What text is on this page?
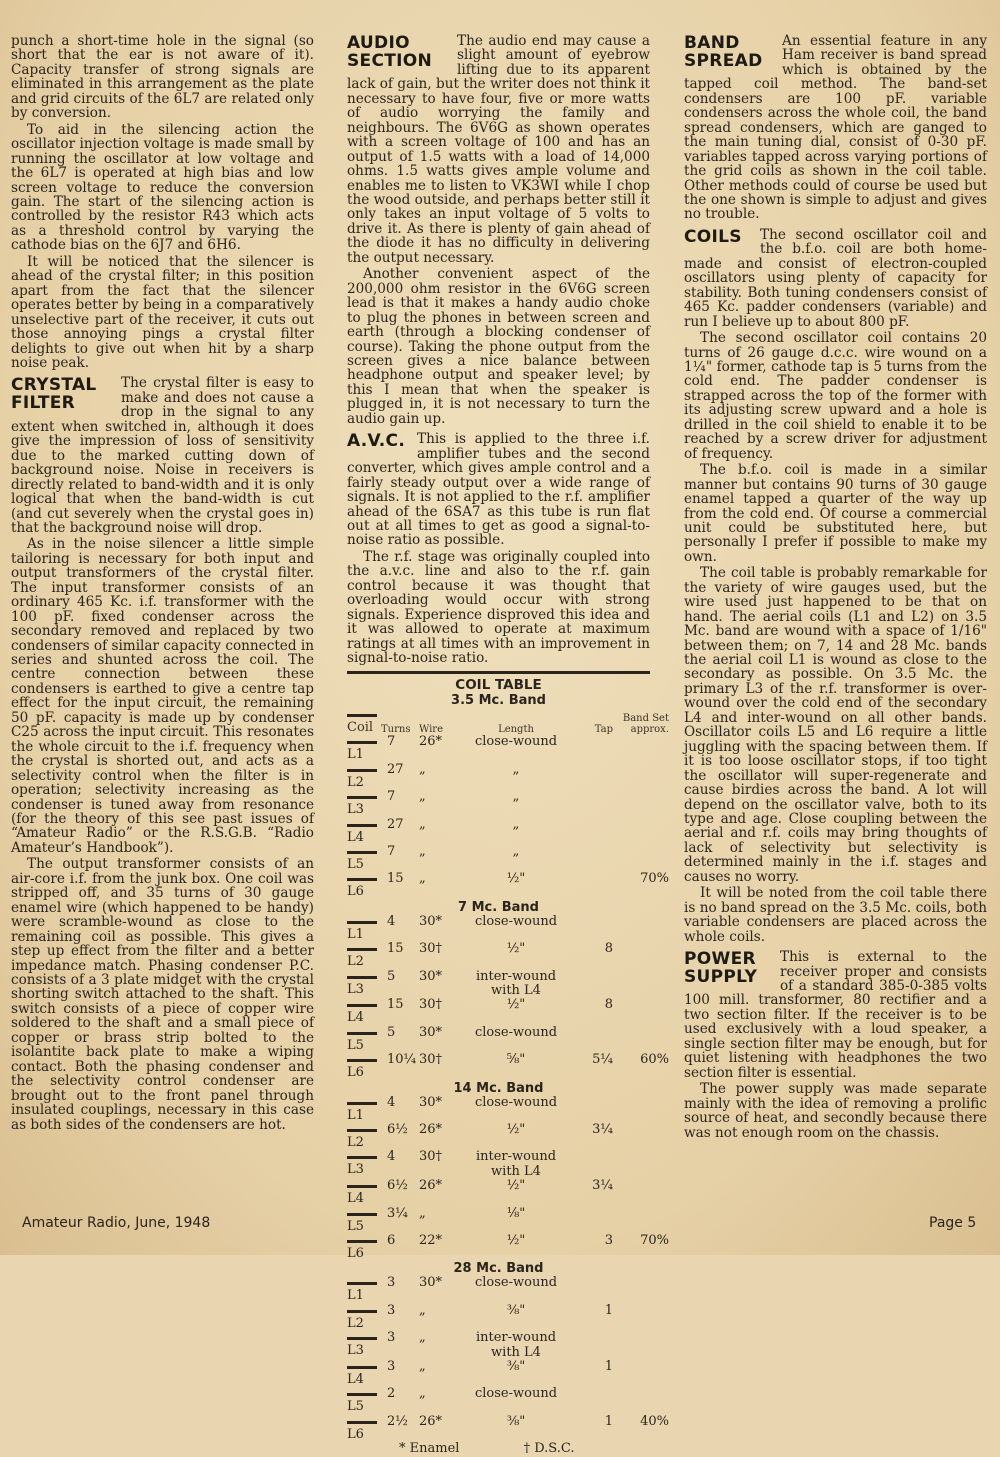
punch a short-time hole in the signal (so short that the ear is not aware of it). Capacity transfer of strong signals are eliminated in this arrangement as the plate and grid circuits of the 6L7 are related only by conversion.

To aid in the silencing action the oscillator injection voltage is made small by running the oscillator at low voltage and the 6L7 is operated at high bias and low screen voltage to reduce the conversion gain. The start of the silencing action is controlled by the resistor R43 which acts as a threshold control by varying the cathode bias on the 6J7 and 6H6.

It will be noticed that the silencer is ahead of the crystal filter; in this position apart from the fact that the silencer operates better by being in a comparatively unselective part of the receiver, it cuts out those annoying pings a crystal filter delights to give out when hit by a sharp noise peak.

CRYSTAL FILTER

The crystal filter is easy to make and does not cause a drop in the signal to any extent when switched in, although it does give the impression of loss of sensitivity due to the marked cutting down of background noise. Noise in receivers is directly related to band-width and it is only logical that when the band-width is cut (and cut severely when the crystal goes in) that the background noise will drop.

As in the noise silencer a little simple tailoring is necessary for both input and output transformers of the crystal filter. The input transformer consists of an ordinary 465 Kc. i.f. transformer with the 100 pF. fixed condenser across the secondary removed and replaced by two condensers of similar capacity connected in series and shunted across the coil. The centre connection between these condensers is earthed to give a centre tap effect for the input circuit, the remaining 50 pF. capacity is made up by condenser C25 across the input circuit. This resonates the whole circuit to the i.f. frequency when the crystal is shorted out, and acts as a selectivity control when the filter is in operation; selectivity increasing as the condenser is tuned away from resonance (for the theory of this see past issues of “Amateur Radio” or the R.S.G.B. “Radio Amateur’s Handbook”).

The output transformer consists of an air-core i.f. from the junk box. One coil was stripped off, and 35 turns of 30 gauge enamel wire (which happened to be handy) were scramble-wound as close to the remaining coil as possible. This gives a step up effect from the filter and a better impedance match. Phasing condenser P.C. consists of a 3 plate midget with the crystal shorting switch attached to the shaft. This switch consists of a piece of copper wire soldered to the shaft and a small piece of copper or brass strip bolted to the isolantite back plate to make a wiping contact. Both the phasing condenser and the selectivity control condenser are brought out to the front panel through insulated couplings, necessary in this case as both sides of the condensers are hot.

AUDIO SECTION

The audio end may cause a slight amount of eyebrow lifting due to its apparent lack of gain, but the writer does not think it necessary to have four, five or more watts of audio worrying the family and neighbours. The 6V6G as shown operates with a screen voltage of 100 and has an output of 1.5 watts with a load of 14,000 ohms. 1.5 watts gives ample volume and enables me to listen to VK3WI while I chop the wood outside, and perhaps better still it only takes an input voltage of 5 volts to drive it. As there is plenty of gain ahead of the diode it has no difficulty in delivering the output necessary.

Another convenient aspect of the 200,000 ohm resistor in the 6V6G screen lead is that it makes a handy audio choke to plug the phones in between screen and earth (through a blocking condenser of course). Taking the phone output from the screen gives a nice balance between headphone output and speaker level; by this I mean that when the speaker is plugged in, it is not necessary to turn the audio gain up.

A.V.C. This is applied to the three i.f. amplifier tubes and the second converter, which gives ample control and a fairly steady output over a wide range of signals. It is not applied to the r.f. amplifier ahead of the 6SA7 as this tube is run flat out at all times to get as good a signal-to-noise ratio as possible.

The r.f. stage was originally coupled into the a.v.c. line and also to the r.f. gain control because it was thought that overloading would occur with strong signals. Experience disproved this idea and it was allowed to operate at maximum ratings at all times with an improvement in signal-to-noise ratio.

COIL TABLE
3.5 Mc. Band
Coil Turns Wire	Length	Tap
Band Set approx.
L1
7	26*	close-wound
L2
27	„	„
L3
7	„	„
L4
27	„	„
L5
7	„	„
L6
15	„	½"	70%
7 Mc. Band
L1
4	30*	close-wound
L2
15	30†	½"	8
L3
5	30*	inter-wound
with L4
L4
15	30†	½"	8
L5
5	30*	close-wound
L6
10¼ 30†	⅝"	5¼	60%
14 Mc. Band
L1
4	30*	close-wound
L2
6½ 26*	½"	3¼
L3
4	30†	inter-wound
with L4
L4
6½ 26*	½"	3¼
L5
3¼ „	⅛"
L6
6	22*	½"	3	70%
28 Mc. Band
L1
3	30*	close-wound
L2
3	„	⅜"	1
L3
3	„	inter-wound
with L4
L4
3	„	⅜"	1
L5
2	„	close-wound
L6
2½ 26*	⅜"	1	40%
* Enamel	† D.S.C.
BAND SPREAD

An essential feature in any Ham receiver is band spread which is obtained by the tapped coil method. The band-set condensers are 100 pF. variable condensers across the whole coil, the band spread condensers, which are ganged to the main tuning dial, consist of 0-30 pF. variables tapped across varying portions of the grid coils as shown in the coil table. Other methods could of course be used but the one shown is simple to adjust and gives no trouble.

COILS	The second oscillator coil and the b.f.o. coil are both home-made and consist of electron-coupled oscillators using plenty of capacity for stability. Both tuning condensers consist of 465 Kc. padder condensers (variable) and run I believe up to about 800 pF.

The second oscillator coil contains 20 turns of 26 gauge d.c.c. wire wound on a 1¼" former, cathode tap is 5 turns from the cold end. The padder condenser is strapped across the top of the former with its adjusting screw upward and a hole is drilled in the coil shield to enable it to be reached by a screw driver for adjustment of frequency.

The b.f.o. coil is made in a similar manner but contains 90 turns of 30 gauge enamel tapped a quarter of the way up from the cold end. Of course a commercial unit could be substituted here, but personally I prefer if possible to make my own.

The coil table is probably remarkable for the variety of wire gauges used, but the wire used just happened to be that on hand. The aerial coils (L1 and L2) on 3.5 Mc. band are wound with a space of 1/16" between them; on 7, 14 and 28 Mc. bands the aerial coil L1 is wound as close to the secondary as possible. On 3.5 Mc. the primary L3 of the r.f. transformer is over-wound over the cold end of the secondary L4 and inter-wound on all other bands. Oscillator coils L5 and L6 require a little juggling with the spacing between them. If it is too loose oscillator stops, if too tight the oscillator will super-regenerate and cause birdies across the band. A lot will depend on the oscillator valve, both to its type and age. Close coupling between the aerial and r.f. coils may bring thoughts of lack of selectivity but selectivity is determined mainly in the i.f. stages and causes no worry.

It will be noted from the coil table there is no band spread on the 3.5 Mc. coils, both variable condensers are placed across the whole coils.

POWER SUPPLY

This is external to the receiver proper and consists of a standard 385-0-385 volts 100 mill. transformer, 80 rectifier and a two section filter. If the receiver is to be used exclusively with a loud speaker, a single section filter may be enough, but for quiet listening with headphones the two section filter is essential.

The power supply was made separate mainly with the idea of removing a prolific source of heat, and secondly because there was not enough room on the chassis.

Amateur Radio, June, 1948	Page 5
